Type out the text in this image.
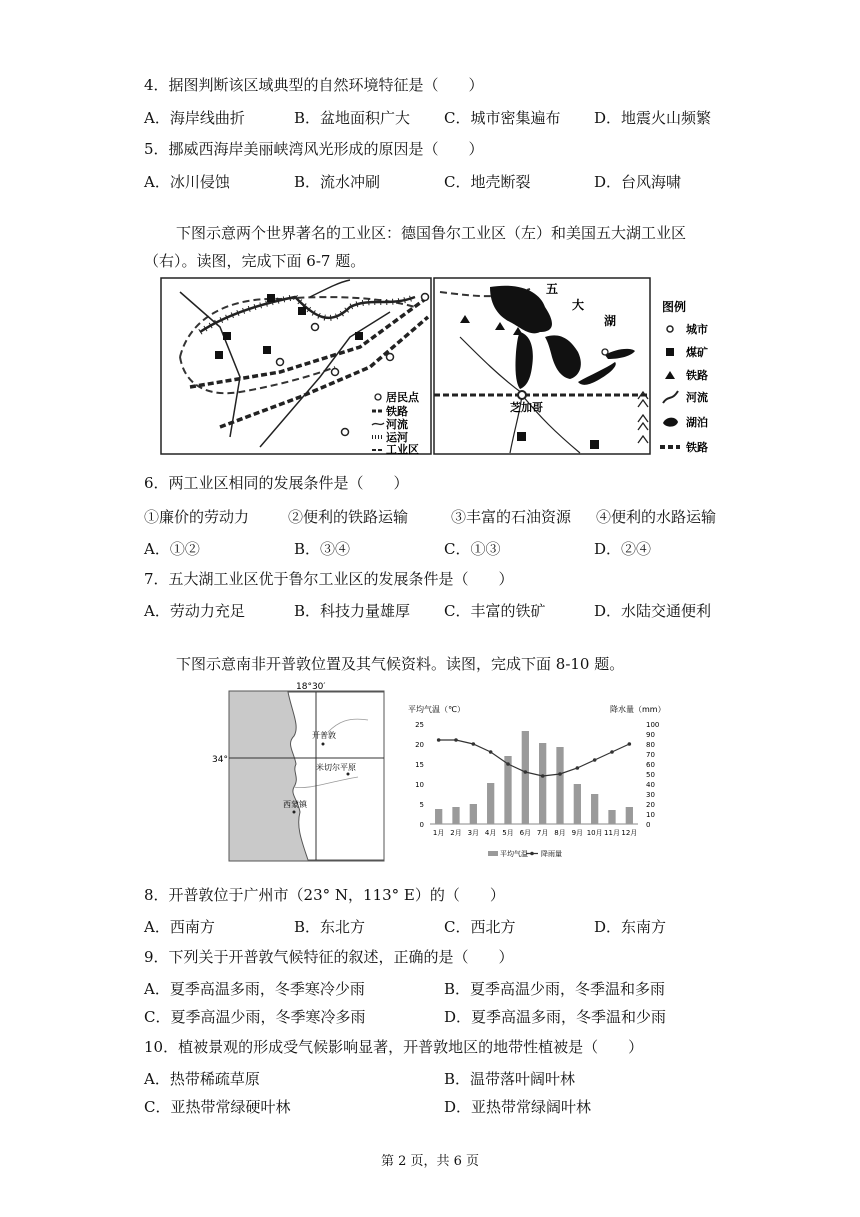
4．据图判断该区域典型的自然环境特征是（　　）
A．海岸线曲折	B．盆地面积广大 C．城市密集遍布 D．地震火山频繁
5．挪威西海岸美丽峡湾风光形成的原因是（　　）
A．冰川侵蚀	B．流水冲刷	C．地壳断裂	D．台风海啸
下图示意两个世界著名的工业区：德国鲁尔工业区（左）和美国五大湖工业区
（右）。读图，完成下面 6-7 题。
居民点
铁路
河流
运河
工业区
五
大
湖
芝加哥
图例
城市
煤矿
铁路
河流
湖泊
铁路
6．两工业区相同的发展条件是（　　）
①廉价的劳动力	②便利的铁路运输	③丰富的石油资源 ④便利的水路运输
A．①②	B．③④	C．①③	D．②④
7．五大湖工业区优于鲁尔工业区的发展条件是（　　）
A．劳动力充足	B．科技力量雄厚 C．丰富的铁矿	D．水陆交通便利
下图示意南非开普敦位置及其气候资料。读图，完成下面 8-10 题。
18°30′
34°
开普敦
米切尔平原
西蒙镇
平均气温（℃）	降水量（mm）
0
5
10
15
20
25
0
10
20
30
40
50
60
70
80
90
100
1月 2月 3月 4月 5月 6月 7月 8月 9月 10月 11月 12月
平均气温 降雨量
8．开普敦位于广州市（23° N，113° E）的（　　）
A．西南方	B．东北方	C．西北方	D．东南方
9．下列关于开普敦气候特征的叙述，正确的是（　　）
A．夏季高温多雨，冬季寒冷少雨	B．夏季高温少雨，冬季温和多雨
C．夏季高温少雨，冬季寒冷多雨	D．夏季高温多雨，冬季温和少雨
10．植被景观的形成受气候影响显著，开普敦地区的地带性植被是（　　）
A．热带稀疏草原	B．温带落叶阔叶林
C．亚热带常绿硬叶林	D．亚热带常绿阔叶林
第 2 页，共 6 页
